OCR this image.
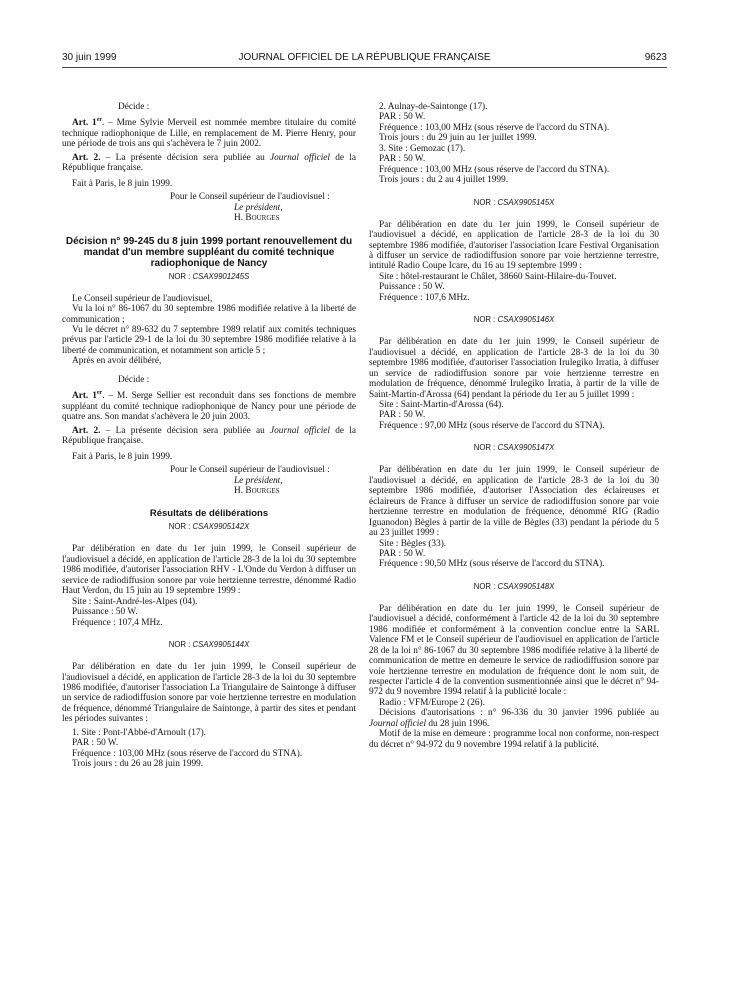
30 juin 1999	JOURNAL OFFICIEL DE LA RÉPUBLIQUE FRANÇAISE	9623

Décide :

Art. 1er. – Mme Sylvie Merveil est nommée membre titulaire du comité technique radiophonique de Lille, en remplacement de M. Pierre Henry, pour une période de trois ans qui s'achèvera le 7 juin 2002.

Art. 2. – La présente décision sera publiée au Journal officiel de la République française.

Fait à Paris, le 8 juin 1999.

Pour le Conseil supérieur de l'audiovisuel :

Le président,

H. Bourges

Décision n° 99-245 du 8 juin 1999 portant renouvellement du mandat d'un membre suppléant du comité technique radiophonique de Nancy

NOR : CSAX9901245S

Le Conseil supérieur de l'audiovisuel,

Vu la loi n° 86-1067 du 30 septembre 1986 modifiée relative à la liberté de communication ;

Vu le décret n° 89-632 du 7 septembre 1989 relatif aux comités techniques prévus par l'article 29-1 de la loi du 30 septembre 1986 modifiée relative à la liberté de communication, et notamment son article 5 ;

Après en avoir délibéré,

Décide :

Art. 1er. – M. Serge Sellier est reconduit dans ses fonctions de membre suppléant du comité technique radiophonique de Nancy pour une période de quatre ans. Son mandat s'achèvera le 20 juin 2003.

Art. 2. – La présente décision sera publiée au Journal officiel de la République française.

Fait à Paris, le 8 juin 1999.

Pour le Conseil supérieur de l'audiovisuel :

Le président,

H. Bourges

Résultats de délibérations

NOR : CSAX9905142X

Par délibération en date du 1er juin 1999, le Conseil supérieur de l'audiovisuel a décidé, en application de l'article 28-3 de la loi du 30 septembre 1986 modifiée, d'autoriser l'association RHV - L'Onde du Verdon à diffuser un service de radiodiffusion sonore par voie hertzienne terrestre, dénommé Radio Haut Verdon, du 15 juin au 19 septembre 1999 :

Site : Saint-André-les-Alpes (04).

Puissance : 50 W.

Fréquence : 107,4 MHz.

NOR : CSAX9905144X

Par délibération en date du 1er juin 1999, le Conseil supérieur de l'audiovisuel a décidé, en application de l'article 28-3 de la loi du 30 septembre 1986 modifiée, d'autoriser l'association La Triangulaire de Saintonge à diffuser un service de radiodiffusion sonore par voie hertzienne terrestre en modulation de fréquence, dénommé Triangulaire de Saintonge, à partir des sites et pendant les périodes suivantes :

1. Site : Pont-l'Abbé-d'Arnoult (17).

PAR : 50 W.

Fréquence : 103,00 MHz (sous réserve de l'accord du STNA).

Trois jours : du 26 au 28 juin 1999.

2. Aulnay-de-Saintonge (17).

PAR : 50 W.

Fréquence : 103,00 MHz (sous réserve de l'accord du STNA).

Trois jours : du 29 juin au 1er juillet 1999.

3. Site : Gemozac (17).

PAR : 50 W.

Fréquence : 103,00 MHz (sous réserve de l'accord du STNA).

Trois jours : du 2 au 4 juillet 1999.

NOR : CSAX9905145X

Par délibération en date du 1er juin 1999, le Conseil supérieur de l'audiovisuel a décidé, en application de l'article 28-3 de la loi du 30 septembre 1986 modifiée, d'autoriser l'association Icare Festival Organisation à diffuser un service de radiodiffusion sonore par voie hertzienne terrestre, intitulé Radio Coupe Icare, du 16 au 19 septembre 1999 :

Site : hôtel-restaurant le Châlet, 38660 Saint-Hilaire-du-Touvet.

Puissance : 50 W.

Fréquence : 107,6 MHz.

NOR : CSAX9905146X

Par délibération en date du 1er juin 1999, le Conseil supérieur de l'audiovisuel a décidé, en application de l'article 28-3 de la loi du 30 septembre 1986 modifiée, d'autoriser l'association Irulegiko Irratia, à diffuser un service de radiodiffusion sonore par voie hertzienne terrestre en modulation de fréquence, dénommé Irulegiko Irratia, à partir de la ville de Saint-Martin-d'Arossa (64) pendant la période du 1er au 5 juillet 1999 :

Site : Saint-Martin-d'Arossa (64).

PAR : 50 W.

Fréquence : 97,00 MHz (sous réserve de l'accord du STNA).

NOR : CSAX9905147X

Par délibération en date du 1er juin 1999, le Conseil supérieur de l'audiovisuel a décidé, en application de l'article 28-3 de la loi du 30 septembre 1986 modifiée, d'autoriser l'Association des éclaireuses et éclaireurs de France à diffuser un service de radiodiffusion sonore par voie hertzienne terrestre en modulation de fréquence, dénommé RIG (Radio Iguanodon) Bègles à partir de la ville de Bègles (33) pendant la période du 5 au 23 juillet 1999 :

Site : Bègles (33).

PAR : 50 W.

Fréquence : 90,50 MHz (sous réserve de l'accord du STNA).

NOR : CSAX9905148X

Par délibération en date du 1er juin 1999, le Conseil supérieur de l'audiovisuel a décidé, conformément à l'article 42 de la loi du 30 septembre 1986 modifiée et conformément à la convention conclue entre la SARL Valence FM et le Conseil supérieur de l'audiovisuel en application de l'article 28 de la loi n° 86-1067 du 30 septembre 1986 modifiée relative à la liberté de communication de mettre en demeure le service de radiodiffusion sonore par voie hertzienne terrestre en modulation de fréquence dont le nom suit, de respecter l'article 4 de la convention susmentionnée ainsi que le décret n° 94-972 du 9 novembre 1994 relatif à la publicité locale :

Radio : VFM/Europe 2 (26).

Décisions d'autorisations : n° 96-336 du 30 janvier 1996 publiée au Journal officiel du 28 juin 1996.

Motif de la mise en demeure : programme local non conforme, non-respect du décret n° 94-972 du 9 novembre 1994 relatif à la publicité.
